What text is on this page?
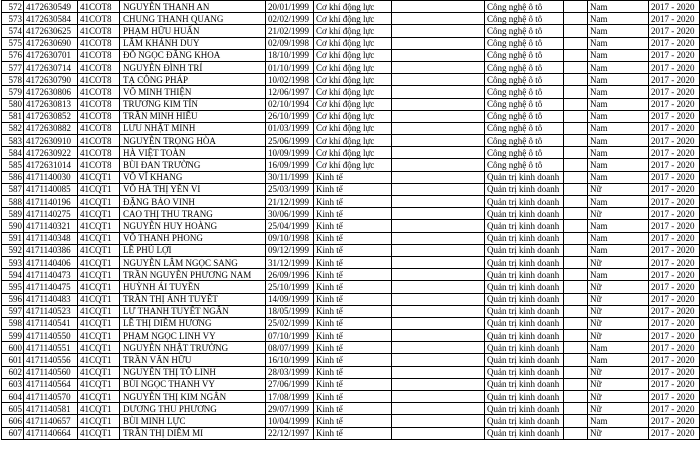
572	4172630549	41COT8	NGUYỄN THANH AN	20/01/1999	Cơ khí động lực		Công nghệ ô tô		Nam	2017 - 2020
573	4172630584	41COT8	CHUNG THANH QUANG	02/02/1999	Cơ khí động lực		Công nghệ ô tô		Nam	2017 - 2020
574	4172630625	41COT8	PHẠM HỮU HUẤN	21/02/1999	Cơ khí động lực		Công nghệ ô tô		Nam	2017 - 2020
575	4172630690	41COT8	LÂM KHÁNH DUY	02/09/1998	Cơ khí động lực		Công nghệ ô tô		Nam	2017 - 2020
576	4172630701	41COT8	ĐỖ NGỌC ĐĂNG KHOA	18/10/1999	Cơ khí động lực		Công nghệ ô tô		Nam	2017 - 2020
577	4172630714	41COT8	NGUYỄN ĐÌNH TRÍ	01/10/1999	Cơ khí động lực		Công nghệ ô tô		Nam	2017 - 2020
578	4172630790	41COT8	TẠ CÔNG PHÁP	10/02/1998	Cơ khí động lực		Công nghệ ô tô		Nam	2017 - 2020
579	4172630806	41COT8	VÕ MINH THIỆN	12/06/1997	Cơ khí động lực		Công nghệ ô tô		Nam	2017 - 2020
580	4172630813	41COT8	TRƯƠNG KIM TÍN	02/10/1994	Cơ khí động lực		Công nghệ ô tô		Nam	2017 - 2020
581	4172630852	41COT8	TRẦN MINH HIẾU	26/10/1999	Cơ khí động lực		Công nghệ ô tô		Nam	2017 - 2020
582	4172630882	41COT8	LƯU NHẬT MINH	01/03/1999	Cơ khí động lực		Công nghệ ô tô		Nam	2017 - 2020
583	4172630910	41COT8	NGUYỄN TRỌNG HÒA	25/06/1999	Cơ khí động lực		Công nghệ ô tô		Nam	2017 - 2020
584	4172630922	41COT8	HÀ VIỆT TOÀN	10/09/1999	Cơ khí động lực		Công nghệ ô tô		Nam	2017 - 2020
585	4172631014	41COT8	BÙI ĐAN TRƯỜNG	16/09/1999	Cơ khí động lực		Công nghệ ô tô		Nam	2017 - 2020
586	4171140030	41CQT1	VÕ VĨ KHANG	30/11/1999	Kinh tế		Quản trị kinh doanh		Nam	2017 - 2020
587	4171140085	41CQT1	VÕ HÀ THỊ YẾN VI	25/03/1999	Kinh tế		Quản trị kinh doanh		Nữ	2017 - 2020
588	4171140196	41CQT1	ĐẶNG BẢO VINH	21/12/1999	Kinh tế		Quản trị kinh doanh		Nam	2017 - 2020
589	4171140275	41CQT1	CAO THỊ THU TRANG	30/06/1999	Kinh tế		Quản trị kinh doanh		Nữ	2017 - 2020
590	4171140321	41CQT1	NGUYỄN HUY HOÀNG	25/04/1999	Kinh tế		Quản trị kinh doanh		Nam	2017 - 2020
591	4171140348	41CQT1	VÕ THANH PHONG	09/10/1998	Kinh tế		Quản trị kinh doanh		Nam	2017 - 2020
592	4171140386	41CQT1	LÊ PHÚ LỢI	09/12/1999	Kinh tế		Quản trị kinh doanh		Nam	2017 - 2020
593	4171140406	41CQT1	NGUYỄN LÂM NGỌC SANG	31/12/1999	Kinh tế		Quản trị kinh doanh		Nữ	2017 - 2020
594	4171140473	41CQT1	TRẦN NGUYỄN PHƯƠNG NAM	26/09/1996	Kinh tế		Quản trị kinh doanh		Nam	2017 - 2020
595	4171140475	41CQT1	HUỲNH ÁI TUYỀN	25/10/1999	Kinh tế		Quản trị kinh doanh		Nữ	2017 - 2020
596	4171140483	41CQT1	TRẦN THỊ ÁNH TUYẾT	14/09/1999	Kinh tế		Quản trị kinh doanh		Nữ	2017 - 2020
597	4171140523	41CQT1	LƯ THANH TUYẾT NGÂN	18/05/1999	Kinh tế		Quản trị kinh doanh		Nữ	2017 - 2020
598	4171140541	41CQT1	LÊ THỊ DIỄM HƯƠNG	25/02/1999	Kinh tế		Quản trị kinh doanh		Nữ	2017 - 2020
599	4171140550	41CQT1	PHẠM NGỌC LINH VY	07/10/1999	Kinh tế		Quản trị kinh doanh		Nữ	2017 - 2020
600	4171140551	41CQT1	NGUYỄN NHẬT TRƯỜNG	08/07/1999	Kinh tế		Quản trị kinh doanh		Nam	2017 - 2020
601	4171140556	41CQT1	TRẦN VĂN HỮU	16/10/1999	Kinh tế		Quản trị kinh doanh		Nam	2017 - 2020
602	4171140560	41CQT1	NGUYỄN THỊ TÔ LINH	28/03/1999	Kinh tế		Quản trị kinh doanh		Nữ	2017 - 2020
603	4171140564	41CQT1	BÙI NGỌC THANH VY	27/06/1999	Kinh tế		Quản trị kinh doanh		Nữ	2017 - 2020
604	4171140570	41CQT1	NGUYỄN THỊ KIM NGÂN	17/08/1999	Kinh tế		Quản trị kinh doanh		Nữ	2017 - 2020
605	4171140581	41CQT1	DƯƠNG THU PHƯƠNG	29/07/1999	Kinh tế		Quản trị kinh doanh		Nữ	2017 - 2020
606	4171140657	41CQT1	BÙI MINH LỰC	10/04/1999	Kinh tế		Quản trị kinh doanh		Nam	2017 - 2020
607	4171140664	41CQT1	TRẦN THỊ DIỄM MI	22/12/1997	Kinh tế		Quản trị kinh doanh		Nữ	2017 - 2020
